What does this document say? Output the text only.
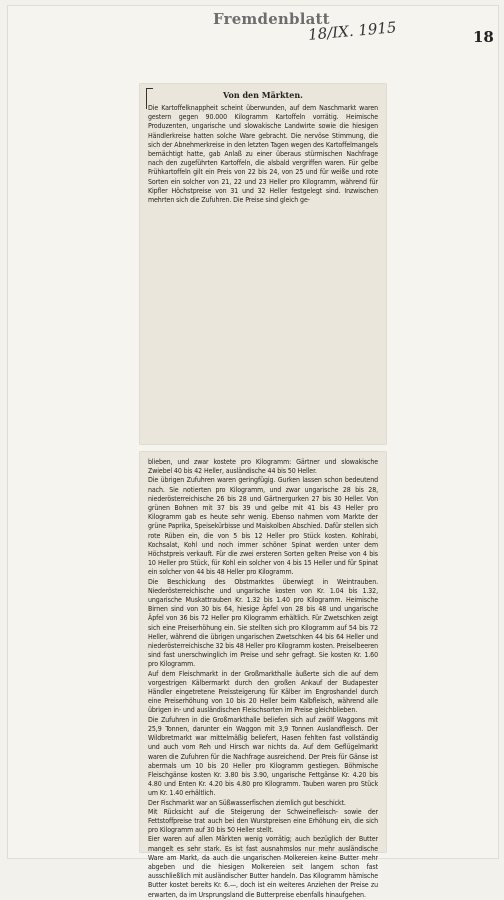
Fremdenblatt
18/IX. 1915	18
Von den Märkten.

Die Kartoffelknappheit scheint überwunden, auf dem Naschmarkt waren gestern gegen 90.000 Kilogramm Kartoffeln vorrätig. Heimische Produzenten, ungarische und slowakische Landwirte sowie die hiesigen Händlerkreise hatten solche Ware gebracht. Die nervöse Stimmung, die sich der Abnehmerkreise in den letzten Tagen wegen des Kartoffelmangels bemächtigt hatte, gab Anlaß zu einer überaus stürmischen Nachfrage nach den zugeführten Kartoffeln, die alsbald vergriffen waren. Für gelbe Frühkartoffeln gilt ein Preis von 22 bis 24, von 25 und für weiße und rote Sorten ein solcher von 21, 22 und 23 Heller pro Kilogramm, während für Kipfler Höchstpreise von 31 und 32 Heller festgelegt sind. Inzwischen mehrten sich die Zufuhren. Die Preise sind gleich ge-

blieben, und zwar kostete pro Kilogramm: Gärtner und slowakische Zwiebel 40 bis 42 Heller, ausländische 44 bis 50 Heller.

Die übrigen Zufuhren waren geringfügig. Gurken lassen schon bedeutend nach. Sie notierten pro Kilogramm, und zwar ungarische 28 bis 28, niederösterreichische 26 bis 28 und Gärtnergurken 27 bis 30 Heller. Von grünen Bohnen mit 37 bis 39 und gelbe mit 41 bis 43 Heller pro Kilogramm gab es heute sehr wenig. Ebenso nahmen vom Markte der grüne Paprika, Speisekürbisse und Maiskolben Abschied. Dafür stellen sich rote Rüben ein, die von 5 bis 12 Heller pro Stück kosten. Kohlrabi, Kochsalat, Kohl und noch immer schöner Spinat werden unter dem Höchstpreis verkauft. Für die zwei ersteren Sorten gelten Preise von 4 bis 10 Heller pro Stück, für Kohl ein solcher von 4 bis 15 Heller und für Spinat ein solcher von 44 bis 48 Heller pro Kilogramm.

Die Beschickung des Obstmarktes überwiegt in Weintrauben. Niederösterreichische und ungarische kosten von Kr. 1.04 bis 1.32, ungarische Muskattrauben Kr. 1.32 bis 1.40 pro Kilogramm. Heimische Birnen sind von 30 bis 64, hiesige Äpfel von 28 bis 48 und ungarische Äpfel von 36 bis 72 Heller pro Kilogramm erhältlich. Für Zwetschken zeigt sich eine Preiserhöhung ein. Sie stellten sich pro Kilogramm auf 54 bis 72 Heller, während die übrigen ungarischen Zwetschken 44 bis 64 Heller und niederösterreichische 32 bis 48 Heller pro Kilogramm kosten. Preiselbeeren sind fast unerschwinglich im Preise und sehr gefragt. Sie kosten Kr. 1.60 pro Kilogramm.

Auf dem Fleischmarkt in der Großmarkthalle äußerte sich die auf dem vorgestrigen Kälbermarkt durch den großen Ankauf der Budapester Händler eingetretene Preissteigerung für Kälber im Engroshandel durch eine Preiserhöhung von 10 bis 20 Heller beim Kalbfleisch, während alle übrigen in- und ausländischen Fleischsorten im Preise gleichblieben.

Die Zufuhren in die Großmarkthalle beliefen sich auf zwölf Waggons mit 25,9 Tonnen, darunter ein Waggon mit 3,9 Tonnen Auslandfleisch. Der Wildbretmarkt war mittelmäßig beliefert, Hasen fehlten fast vollständig und auch vom Reh und Hirsch war nichts da. Auf dem Geflügelmarkt waren die Zufuhren für die Nachfrage ausreichend. Der Preis für Gänse ist abermals um 10 bis 20 Heller pro Kilogramm gestiegen. Böhmische Fleischgänse kosten Kr. 3.80 bis 3.90, ungarische Fettgänse Kr. 4.20 bis 4.80 und Enten Kr. 4.20 bis 4.80 pro Kilogramm. Tauben waren pro Stück um Kr. 1.40 erhältlich.

Der Fischmarkt war an Süßwasserfischen ziemlich gut beschickt.

Mit Rücksicht auf die Steigerung der Schweinefleisch- sowie der Fettstoffpreise trat auch bei den Wurstpreisen eine Erhöhung ein, die sich pro Kilogramm auf 30 bis 50 Heller stellt.

Eier waren auf allen Märkten wenig vorrätig; auch bezüglich der Butter mangelt es sehr stark. Es ist fast ausnahmslos nur mehr ausländische Ware am Markt, da auch die ungarischen Molkereien keine Butter mehr abgeben und die hiesigen Molkereien seit langem schon fast ausschließlich mit ausländischer Butter handeln. Das Kilogramm hämische Butter kostet bereits Kr. 6.—, doch ist ein weiteres Anziehen der Preise zu erwarten, da im Ursprungsland die Butterpreise ebenfalls hinaufgehen.
